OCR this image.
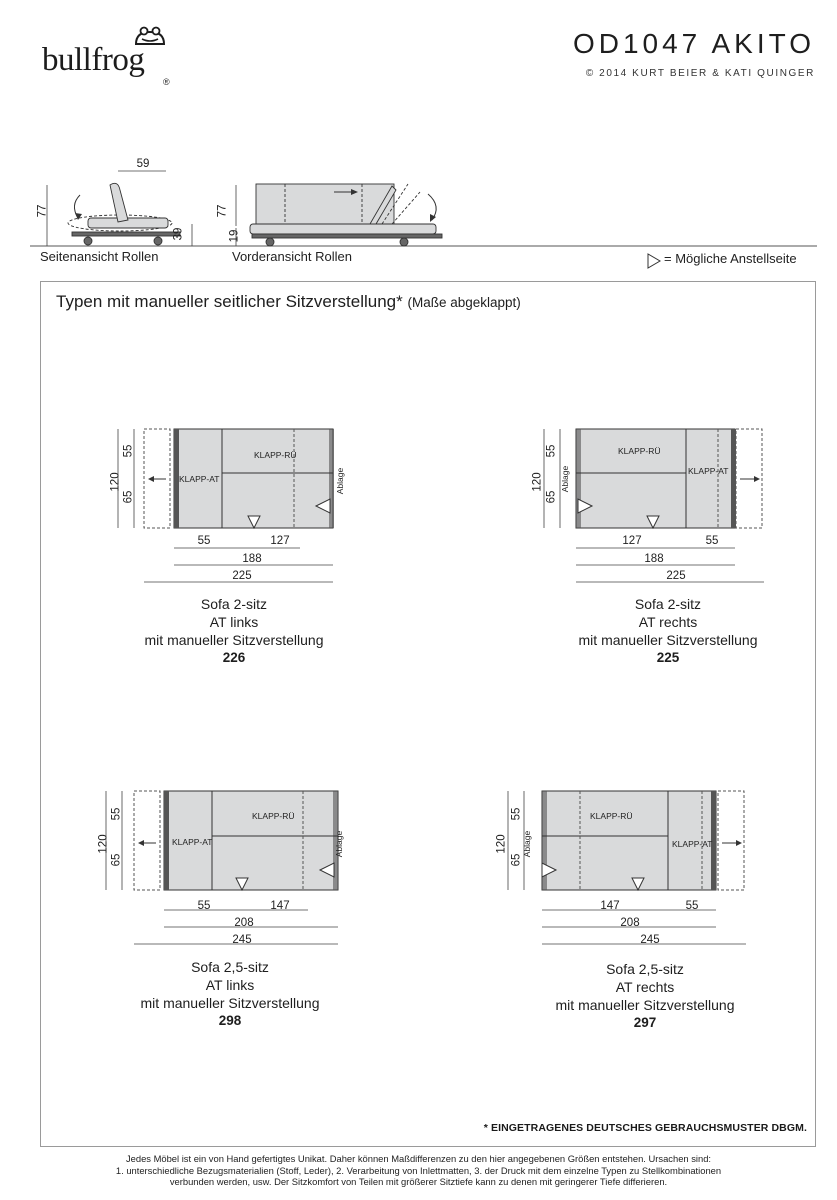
bullfrog
®
OD1047 AKITO
© 2014 KURT BEIER & KATI QUINGER
59
77
39
77
19
Seitenansicht Rollen	Vorderansicht Rollen	= Mögliche Anstellseite
Typen mit manueller seitlicher Sitzverstellung* (Maße abgeklappt)
KLAPP-RÜ
KLAPP-AT	Ablage
120
55
65
55	127
188
225
Sofa 2-sitz
AT links
mit manueller Sitzverstellung
226
KLAPP-RÜ
KLAPP-AT
Ablage
120
55
65
127	55
188
225
Sofa 2-sitz
AT rechts
mit manueller Sitzverstellung
225
KLAPP-RÜ
KLAPP-AT	Ablage
120
55
65
55	147
208
245
Sofa 2,5-sitz
AT links
mit manueller Sitzverstellung
298
KLAPP-RÜ
KLAPP-AT
Ablage
120
55
65
147	55
208
245
Sofa 2,5-sitz
AT rechts
mit manueller Sitzverstellung
297
* EINGETRAGENES DEUTSCHES GEBRAUCHSMUSTER DBGM.
Jedes Möbel ist ein von Hand gefertigtes Unikat. Daher können Maßdifferenzen zu den hier angegebenen Größen entstehen. Ursachen sind:
1. unterschiedliche Bezugsmaterialien (Stoff, Leder), 2. Verarbeitung von Inlettmatten, 3. der Druck mit dem einzelne Typen zu Stellkombinationen
verbunden werden, usw. Der Sitzkomfort von Teilen mit größerer Sitztiefe kann zu denen mit geringerer Tiefe differieren.
